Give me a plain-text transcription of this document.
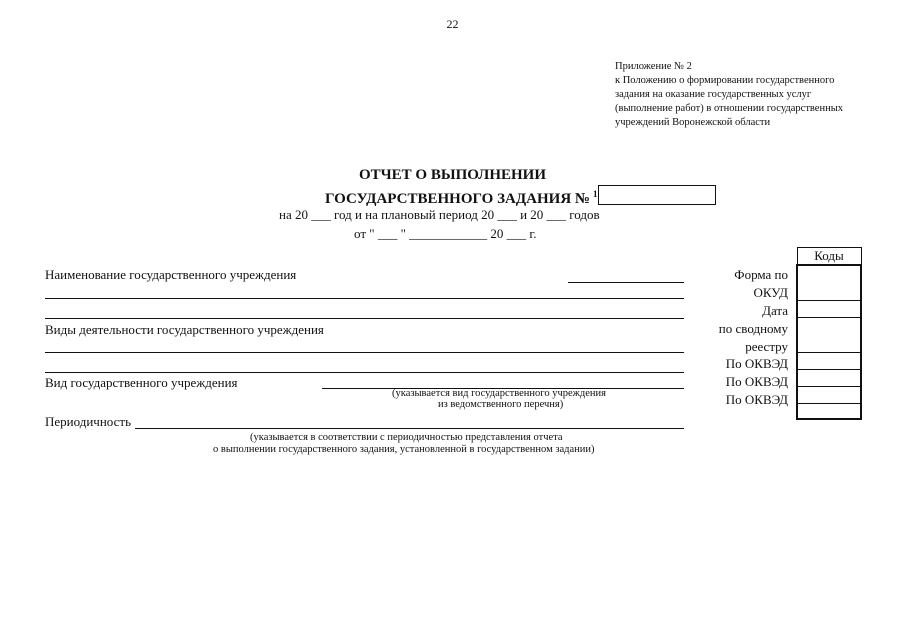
22
Приложение № 2
к Положению о формировании государственного
задания на оказание государственных услуг
(выполнение работ) в отношении государственных
учреждений Воронежской области
ОТЧЕТ О ВЫПОЛНЕНИИ
ГОСУДАРСТВЕННОГО ЗАДАНИЯ № $^1$
на 20 ___ год и на плановый период 20 ___ и 20 ___ годов
от " ___ " ____________ 20 ___ г.
Наименование государственного учреждения
Виды деятельности государственного учреждения
Вид государственного учреждения
(указывается вид государственного учреждения
из ведомственного перечня)
Периодичность
(указывается в соответствии с периодичностью представления отчета
о выполнении государственного задания, установленной в государственном задании)
Форма по
ОКУД
Дата
по сводному
реестру
По ОКВЭД
По ОКВЭД
По ОКВЭД
Коды
